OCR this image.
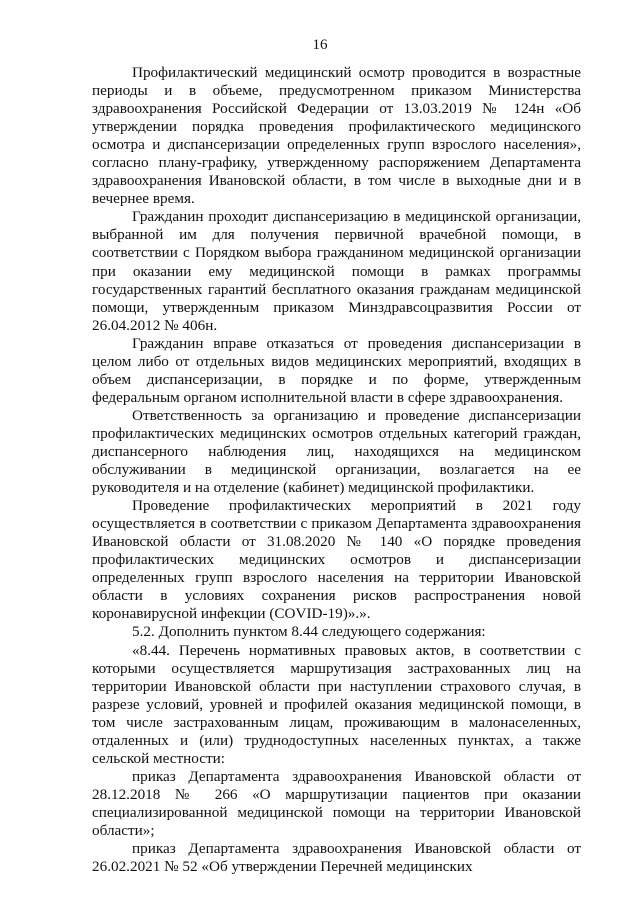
16

Профилактический медицинский осмотр проводится в возрастные периоды и в объеме, предусмотренном приказом Министерства здравоохранения Российской Федерации от 13.03.2019 № 124н «Об утверждении порядка проведения профилактического медицинского осмотра и диспансеризации определенных групп взрослого населения», согласно плану-графику, утвержденному распоряжением Департамента здравоохранения Ивановской области, в том числе в выходные дни и в вечернее время.

Гражданин проходит диспансеризацию в медицинской организации, выбранной им для получения первичной врачебной помощи, в соответствии с Порядком выбора гражданином медицинской организации при оказании ему медицинской помощи в рамках программы государственных гарантий бесплатного оказания гражданам медицинской помощи, утвержденным приказом Минздравсоцразвития России от 26.04.2012 № 406н.

Гражданин вправе отказаться от проведения диспансеризации в целом либо от отдельных видов медицинских мероприятий, входящих в объем диспансеризации, в порядке и по форме, утвержденным федеральным органом исполнительной власти в сфере здравоохранения.

Ответственность за организацию и проведение диспансеризации профилактических медицинских осмотров отдельных категорий граждан, диспансерного наблюдения лиц, находящихся на медицинском обслуживании в медицинской организации, возлагается на ее руководителя и на отделение (кабинет) медицинской профилактики.

Проведение профилактических мероприятий в 2021 году осуществляется в соответствии с приказом Департамента здравоохранения Ивановской области от 31.08.2020 № 140 «О порядке проведения профилактических медицинских осмотров и диспансеризации определенных групп взрослого населения на территории Ивановской области в условиях сохранения рисков распространения новой коронавирусной инфекции (COVID-19)».».

5.2. Дополнить пунктом 8.44 следующего содержания:

«8.44. Перечень нормативных правовых актов, в соответствии с которыми осуществляется маршрутизация застрахованных лиц на территории Ивановской области при наступлении страхового случая, в разрезе условий, уровней и профилей оказания медицинской помощи, в том числе застрахованным лицам, проживающим в малонаселенных, отдаленных и (или) труднодоступных населенных пунктах, а также сельской местности:

приказ Департамента здравоохранения Ивановской области от 28.12.2018 № 266 «О маршрутизации пациентов при оказании специализированной медицинской помощи на территории Ивановской области»;

приказ Департамента здравоохранения Ивановской области от 26.02.2021 № 52 «Об утверждении Перечней медицинских
